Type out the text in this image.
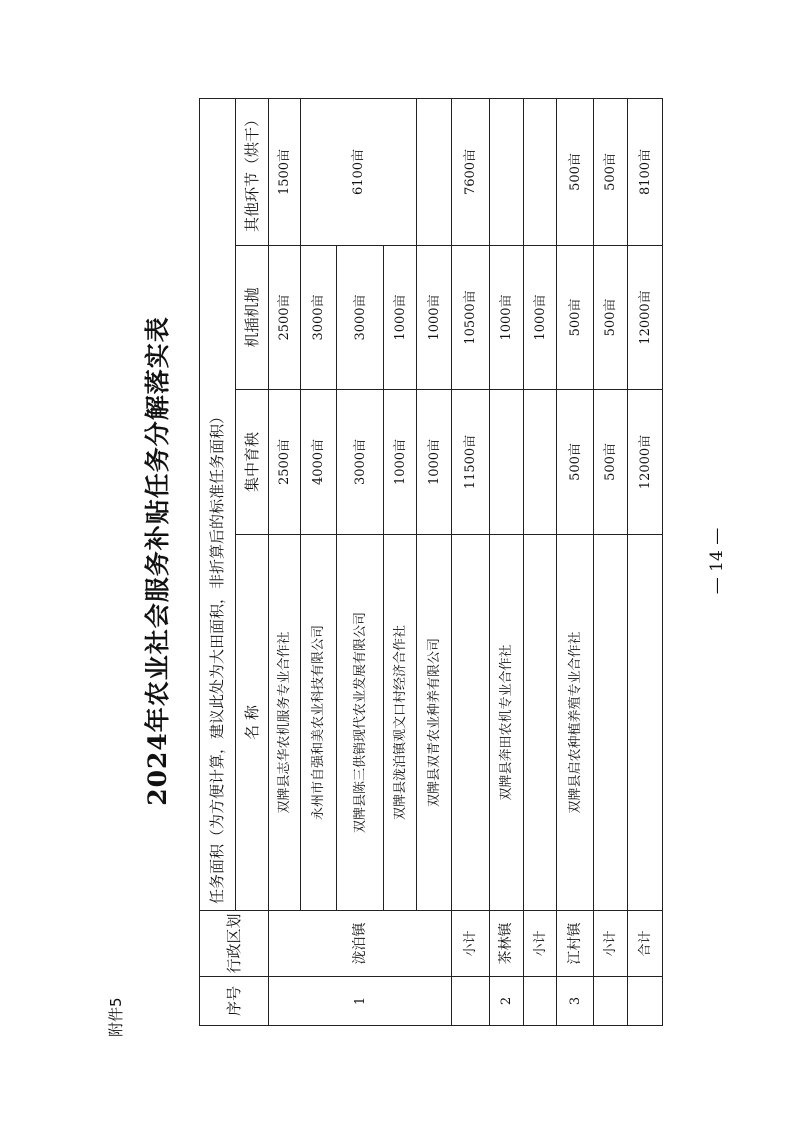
附件5
2024年农业社会服务补贴任务分解落实表
序号	行政区划	任务面积（为方便计算，建议此处为大田面积，非折算后的标准任务面积）			
		名 称	集中育秧	机插机抛	其他环节（烘干）
1	泷泊镇	双牌县志华农机服务专业合作社	2500亩	2500亩	1500亩
		永州市自强和美农业科技有限公司	4000亩	3000亩	6100亩
		双牌县陈三供销现代农业发展有限公司	3000亩	3000亩	
		双牌县泷泊镇观文口村经济合作社	1000亩	1000亩	
		双牌县双青农业种养有限公司	1000亩	1000亩	
	小计		11500亩	10500亩	7600亩
2	茶林镇	双牌县奔田农机专业合作社		1000亩	
	小计			1000亩	
3	江村镇	双牌县启农种植养殖专业合作社	500亩	500亩	500亩
	小计		500亩	500亩	500亩
	合计		12000亩	12000亩	8100亩
— 14 —
